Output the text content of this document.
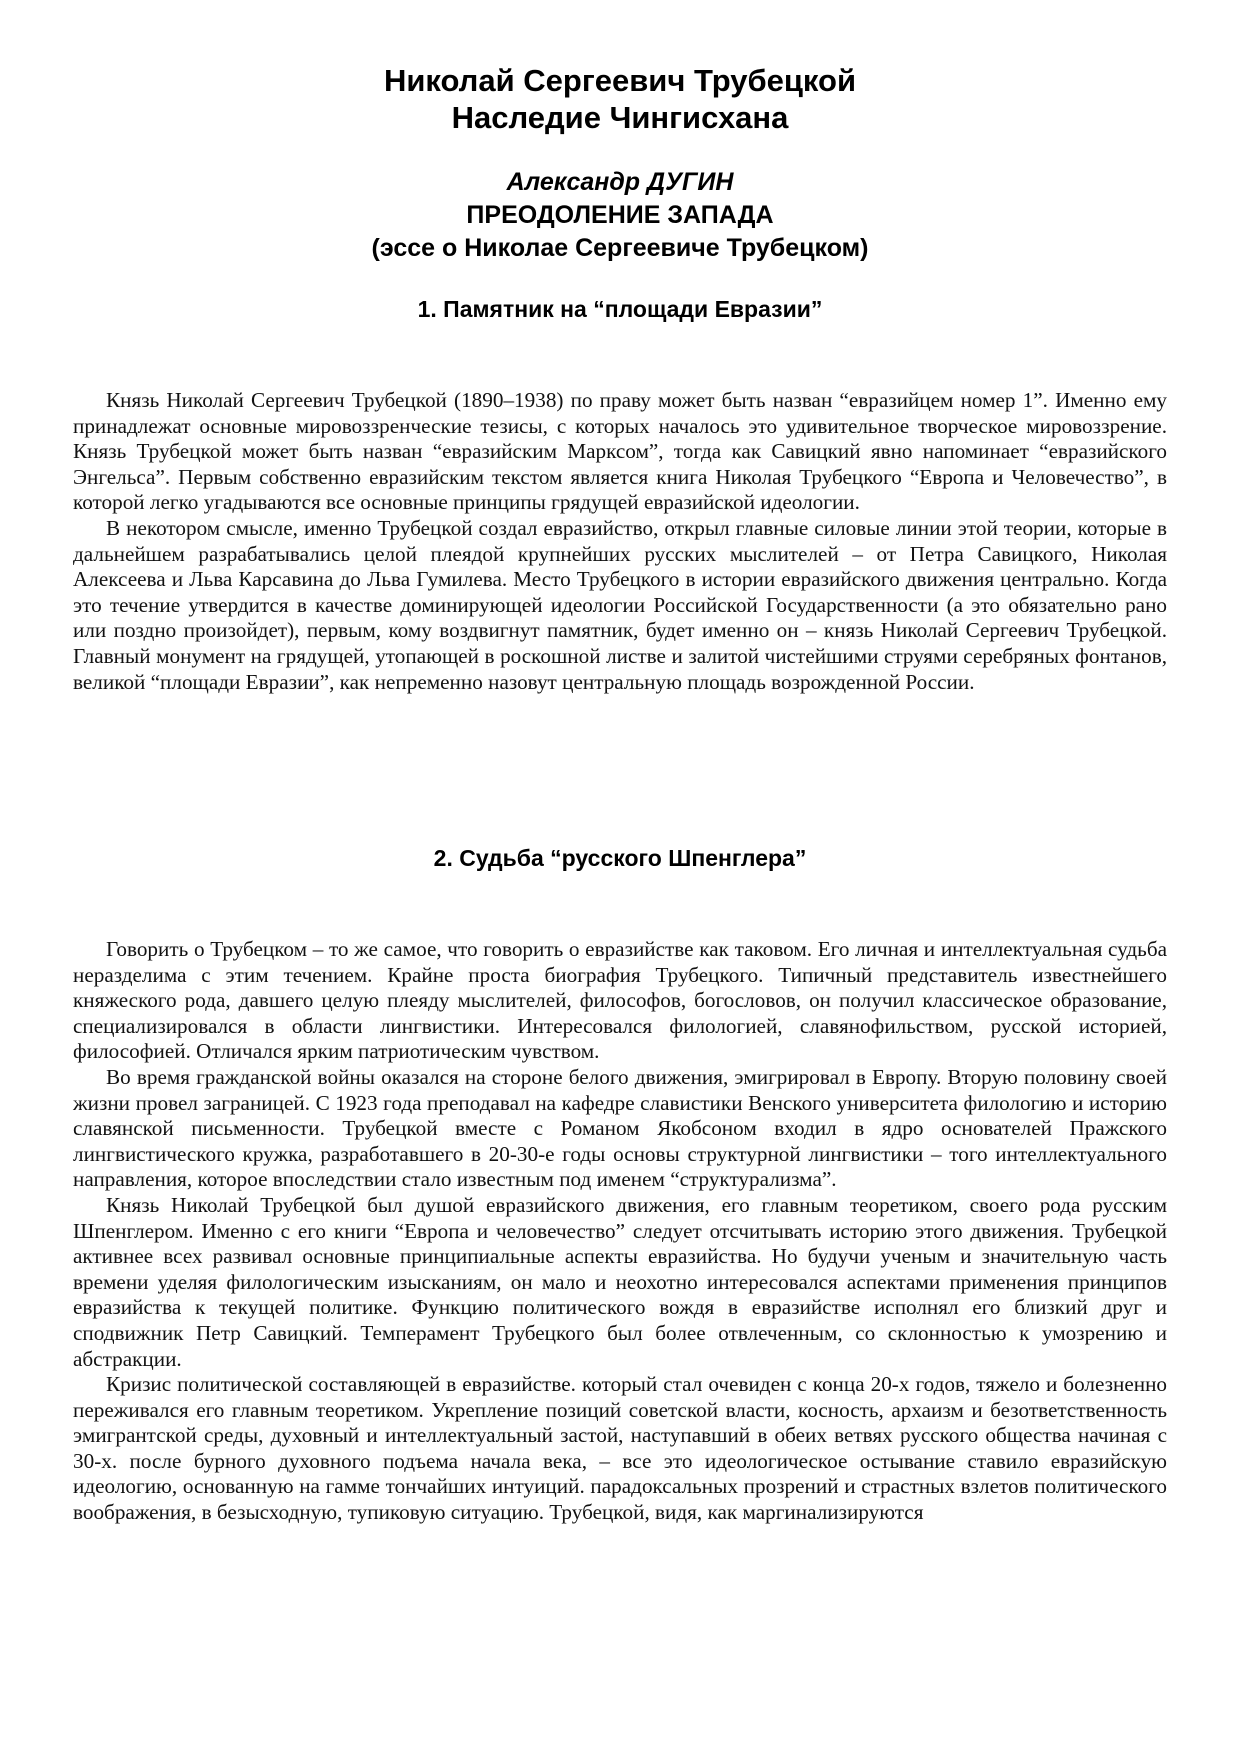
Николай Сергеевич Трубецкой
Наследие Чингисхана
Александр ДУГИН
ПРЕОДОЛЕНИЕ ЗАПАДА
(эссе о Николае Сергеевиче Трубецком)
1. Памятник на “площади Евразии”

Князь Николай Сергеевич Трубецкой (1890–1938) по праву может быть назван “евразийцем номер 1”. Именно ему принадлежат основные мировоззренческие тезисы, с которых началось это удивительное творческое мировоззрение. Князь Трубецкой может быть назван “евразийским Марксом”, тогда как Савицкий явно напоминает “евразийского Энгельса”. Первым собственно евразийским текстом является книга Николая Трубецкого “Европа и Человечество”, в которой легко угадываются все основные принципы грядущей евразийской идеологии.

В некотором смысле, именно Трубецкой создал евразийство, открыл главные силовые линии этой теории, которые в дальнейшем разрабатывались целой плеядой крупнейших русских мыслителей – от Петра Савицкого, Николая Алексеева и Льва Карсавина до Льва Гумилева. Место Трубецкого в истории евразийского движения центрально. Когда это течение утвердится в качестве доминирующей идеологии Российской Государственности (а это обязательно рано или поздно произойдет), первым, кому воздвигнут памятник, будет именно он – князь Николай Сергеевич Трубецкой. Главный монумент на грядущей, утопающей в роскошной листве и залитой чистейшими струями серебряных фонтанов, великой “площади Евразии”, как непременно назовут центральную площадь возрожденной России.

2. Судьба “русского Шпенглера”

Говорить о Трубецком – то же самое, что говорить о евразийстве как таковом. Его личная и интеллектуальная судьба неразделима с этим течением. Крайне проста биография Трубецкого. Типичный представитель известнейшего княжеского рода, давшего целую плеяду мыслителей, философов, богословов, он получил классическое образование, специализировался в области лингвистики. Интересовался филологией, славянофильством, русской историей, философией. Отличался ярким патриотическим чувством.

Во время гражданской войны оказался на стороне белого движения, эмигрировал в Европу. Вторую половину своей жизни провел заграницей. С 1923 года преподавал на кафедре славистики Венского университета филологию и историю славянской письменности. Трубецкой вместе с Романом Якобсоном входил в ядро основателей Пражского лингвистического кружка, разработавшего в 20-30-е годы основы структурной лингвистики – того интеллектуального направления, которое впоследствии стало известным под именем “структурализма”.

Князь Николай Трубецкой был душой евразийского движения, его главным теоретиком, своего рода русским Шпенглером. Именно с его книги “Европа и человечество” следует отсчитывать историю этого движения. Трубецкой активнее всех развивал основные принципиальные аспекты евразийства. Но будучи ученым и значительную часть времени уделяя филологическим изысканиям, он мало и неохотно интересовался аспектами применения принципов евразийства к текущей политике. Функцию политического вождя в евразийстве исполнял его близкий друг и сподвижник Петр Савицкий. Темперамент Трубецкого был более отвлеченным, со склонностью к умозрению и абстракции.

Кризис политической составляющей в евразийстве. который стал очевиден с конца 20-х годов, тяжело и болезненно переживался его главным теоретиком. Укрепление позиций советской власти, косность, архаизм и безответственность эмигрантской среды, духовный и интеллектуальный застой, наступавший в обеих ветвях русского общества начиная с 30-х. после бурного духовного подъема начала века, – все это идеологическое остывание ставило евразийскую идеологию, основанную на гамме тончайших интуиций. парадоксальных прозрений и страстных взлетов политического воображения, в безысходную, тупиковую ситуацию. Трубецкой, видя, как маргинализируются
